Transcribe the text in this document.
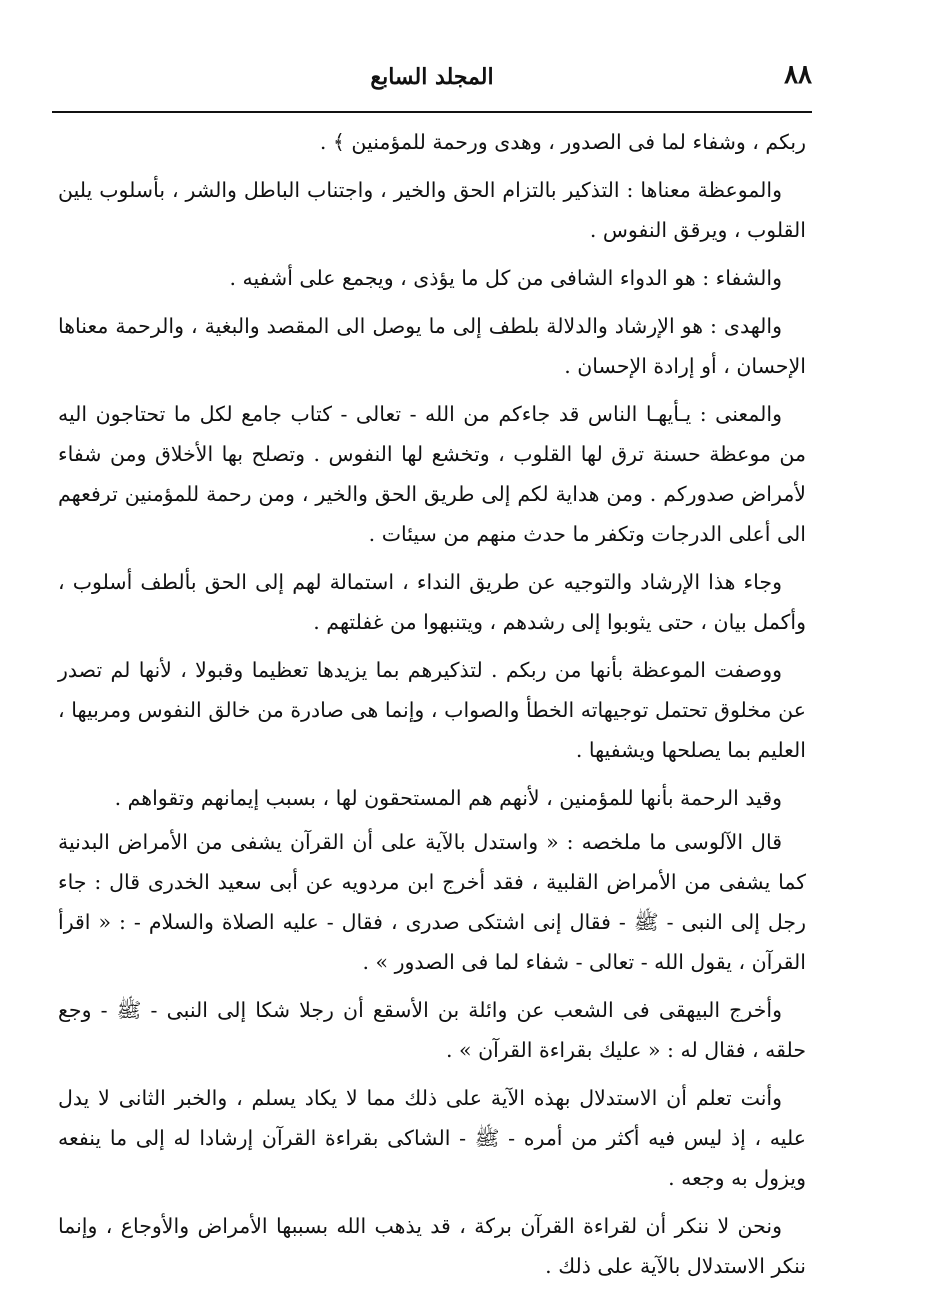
٨٨
المجلد السابع

ربكم ، وشفاء لما فى الصدور ، وهدى ورحمة للمؤمنين ﴾ .

والموعظة معناها : التذكير بالتزام الحق والخير ، واجتناب الباطل والشر ، بأسلوب يلين القلوب ، ويرقق النفوس .

والشفاء : هو الدواء الشافى من كل ما يؤذى ، ويجمع على أشفيه .

والهدى : هو الإرشاد والدلالة بلطف إلى ما يوصل الى المقصد والبغية ، والرحمة معناها الإحسان ، أو إرادة الإحسان .

والمعنى : يـأيهـا الناس قد جاءكم من الله - تعالى - كتاب جامع لكل ما تحتاجون اليه من موعظة حسنة ترق لها القلوب ، وتخشع لها النفوس . وتصلح بها الأخلاق ومن شفاء لأمراض صدوركم . ومن هداية لكم إلى طريق الحق والخير ، ومن رحمة للمؤمنين ترفعهم الى أعلى الدرجات وتكفر ما حدث منهم من سيئات .

وجاء هذا الإرشاد والتوجيه عن طريق النداء ، استمالة لهم إلى الحق بألطف أسلوب ، وأكمل بيان ، حتى يثوبوا إلى رشدهم ، ويتنبهوا من غفلتهم .

ووصفت الموعظة بأنها من ربكم . لتذكيرهم بما يزيدها تعظيما وقبولا ، لأنها لم تصدر عن مخلوق تحتمل توجيهاته الخطأ والصواب ، وإنما هى صادرة من خالق النفوس ومربيها ، العليم بما يصلحها ويشفيها .

وقيد الرحمة بأنها للمؤمنين ، لأنهم هم المستحقون لها ، بسبب إيمانهم وتقواهم .

قال الآلوسى ما ملخصه : « واستدل بالآية على أن القرآن يشفى من الأمراض البدنية كما يشفى من الأمراض القلبية ، فقد أخرج ابن مردويه عن أبى سعيد الخدرى قال : جاء رجل إلى النبى - ﷺ - فقال إنى اشتكى صدرى ، فقال - عليه الصلاة والسلام - : « اقرأ القرآن ، يقول الله - تعالى - شفاء لما فى الصدور » .

وأخرج البيهقى فى الشعب عن وائلة بن الأسقع أن رجلا شكا إلى النبى - ﷺ - وجع حلقه ، فقال له : « عليك بقراءة القرآن » .

وأنت تعلم أن الاستدلال بهذه الآية على ذلك مما لا يكاد يسلم ، والخبر الثانى لا يدل عليه ، إذ ليس فيه أكثر من أمره - ﷺ - الشاكى بقراءة القرآن إرشادا له إلى ما ينفعه ويزول به وجعه .

ونحن لا ننكر أن لقراءة القرآن بركة ، قد يذهب الله بسببها الأمراض والأوجاع ، وإنما ننكر الاستدلال بالآية على ذلك .
